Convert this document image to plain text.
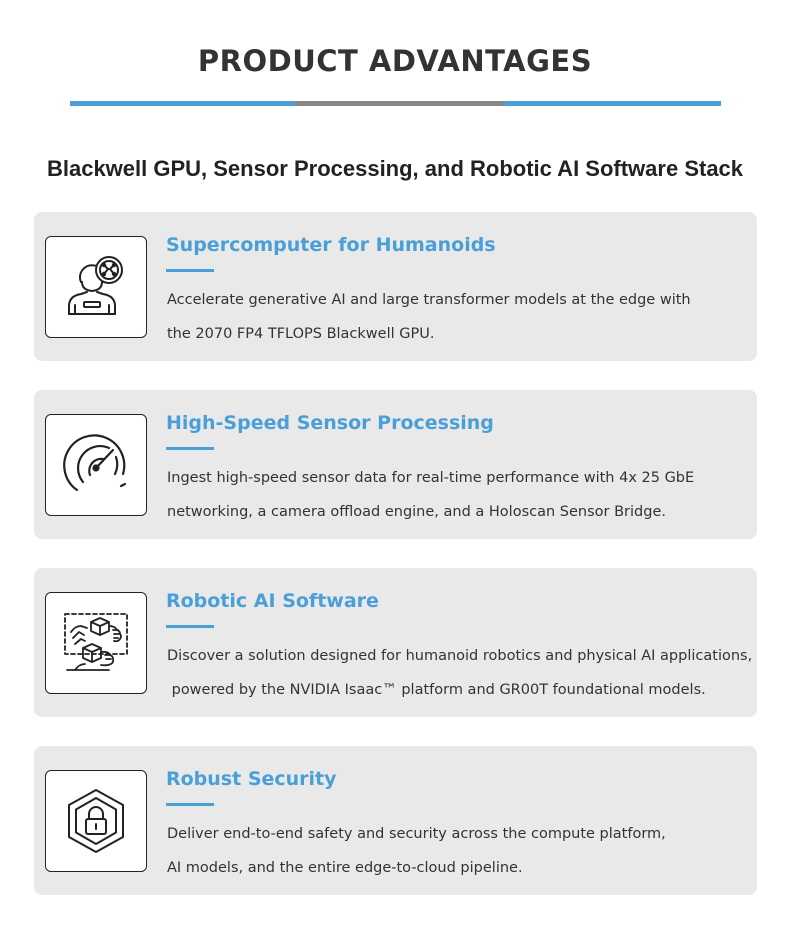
PRODUCT ADVANTAGES
Blackwell GPU, Sensor Processing, and Robotic AI Software Stack
Supercomputer for Humanoids

Accelerate generative AI and large transformer models at the edge with
the 2070 FP4 TFLOPS Blackwell GPU.

High-Speed Sensor Processing

Ingest high-speed sensor data for real-time performance with 4x 25 GbE
networking, a camera offload engine, and a Holoscan Sensor Bridge.

Robotic AI Software

Discover a solution designed for humanoid robotics and physical AI applications,
powered by the NVIDIA Isaac™ platform and GR00T foundational models.

Robust Security

Deliver end-to-end safety and security across the compute platform,
AI models, and the entire edge-to-cloud pipeline.
